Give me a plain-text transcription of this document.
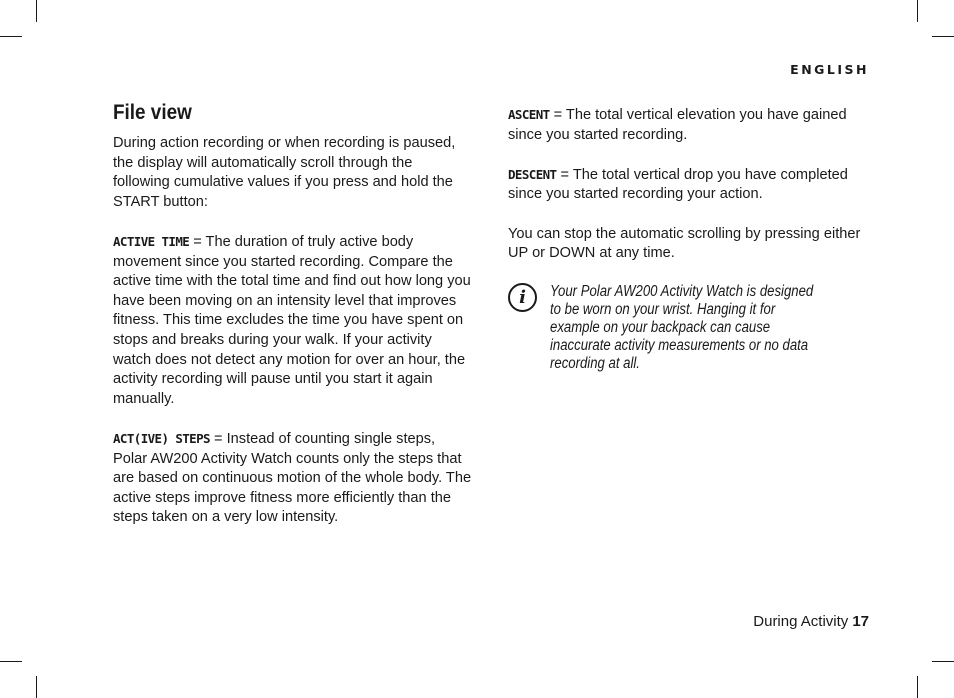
ENGLISH
File view

During action recording or when recording is paused, the display will automatically scroll through the following cumulative values if you press and hold the START button:

ACTIVE TIME = The duration of truly active body movement since you started recording. Compare the active time with the total time and find out how long you have been moving on an intensity level that improves fitness. This time excludes the time you have spent on stops and breaks during your walk. If your activity watch does not detect any motion for over an hour, the activity recording will pause until you start it again manually.

ACT(IVE) STEPS = Instead of counting single steps, Polar AW200 Activity Watch counts only the steps that are based on continuous motion of the whole body. The active steps improve fitness more efficiently than the steps taken on a very low intensity.

ASCENT = The total vertical elevation you have gained since you started recording.

DESCENT = The total vertical drop you have completed since you started recording your action.

You can stop the automatic scrolling by pressing either UP or DOWN at any time.

i	Your Polar AW200 Activity Watch is designed to be worn on your wrist. Hanging it for example on your backpack can cause inaccurate activity measurements or no data recording at all.
During Activity 17
